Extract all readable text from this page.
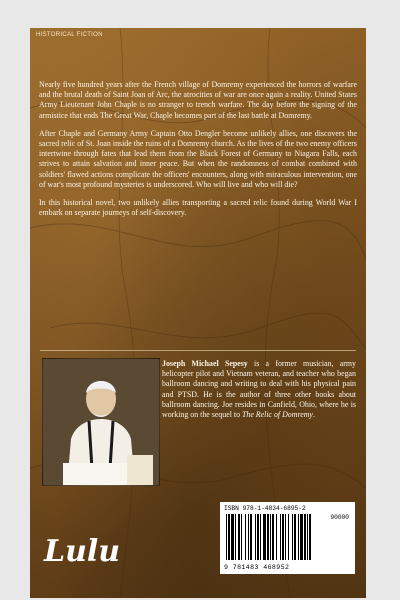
HISTORICAL FICTION

Nearly five hundred years after the French village of Domremy experienced the horrors of warfare and the brutal death of Saint Joan of Arc, the atrocities of war are once again a reality. United States Army Lieutenant John Chaple is no stranger to trench warfare. The day before the signing of the armistice that ends The Great War, Chaple becomes part of the last battle at Domremy.

After Chaple and Germany Army Captain Otto Dengler become unlikely allies, one discovers the sacred relic of St. Joan inside the ruins of a Domremy church. As the lives of the two enemy officers intertwine through fates that lead them from the Black Forest of Germany to Niagara Falls, each strives to attain salvation and inner peace. But when the randomness of combat combined with soldiers' flawed actions complicate the officers' encounters, along with miraculous intervention, one of war's most profound mysteries is underscored. Who will live and who will die?

In this historical novel, two unlikely allies transporting a sacred relic found during World War I embark on separate journeys of self-discovery.

Joseph Michael Sepesy is a former musician, army helicopter pilot and Vietnam veteran, and teacher who began ballroom dancing and writing to deal with his physical pain and PTSD. He is the author of three other books about ballroom dancing. Joe resides in Canfield, Ohio, where he is working on the sequel to The Relic of Domremy.
Lulu
ISBN 978-1-4834-6895-2
90000
9 781483 468952
